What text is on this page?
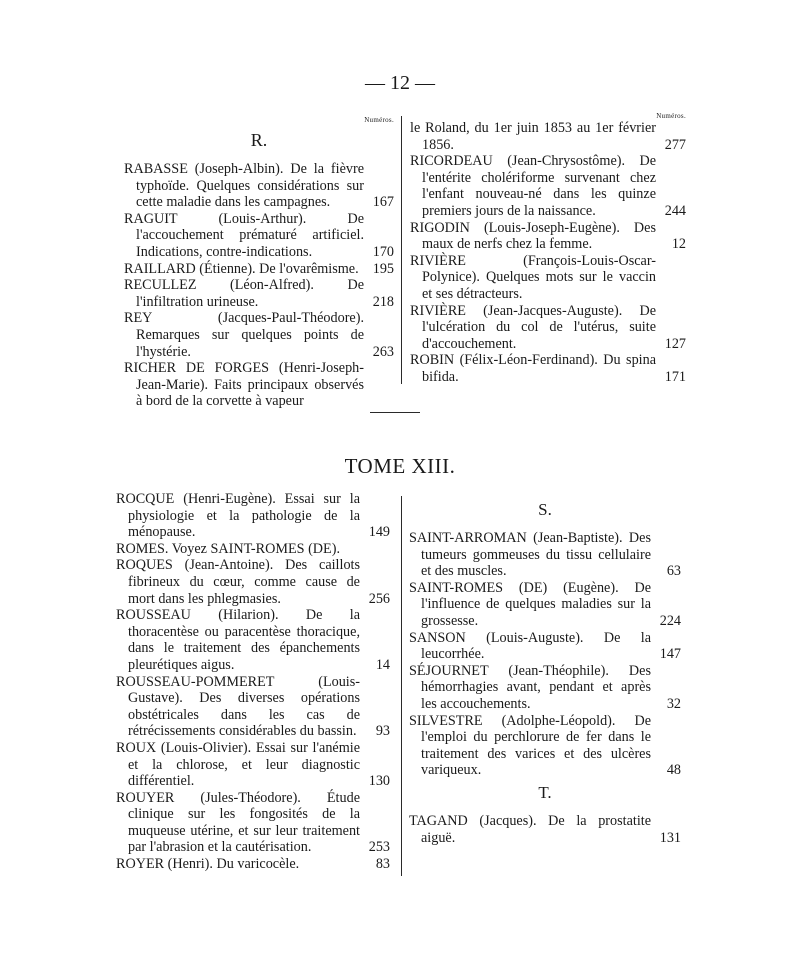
— 12 —
Numéros.
R.
RABASSE (Joseph-Albin). De la fièvre typhoïde. Quelques considérations sur cette maladie dans les campagnes.	167
RAGUIT (Louis-Arthur). De l'accouchement prématuré artificiel. Indications, contre-indications.	170
RAILLARD (Étienne). De l'ovarêmisme. 195
RECULLEZ (Léon-Alfred). De l'infiltration urineuse.	218
REY (Jacques-Paul-Théodore). Remarques sur quelques points de l'hystérie.	263
RICHER DE FORGES (Henri-Joseph-Jean-Marie). Faits principaux observés à bord de la corvette à vapeur
Numéros.
le Roland, du 1er juin 1853 au 1er février 1856.	277
RICORDEAU (Jean-Chrysostôme). De l'entérite cholériforme survenant chez l'enfant nouveau-né dans les quinze premiers jours de la naissance.	244
RIGODIN (Louis-Joseph-Eugène). Des maux de nerfs chez la femme.	12
RIVIÈRE (François-Louis-Oscar-Polynice). Quelques mots sur le vaccin et ses détracteurs.
RIVIÈRE (Jean-Jacques-Auguste). De l'ulcération du col de l'utérus, suite d'accouchement.	127
ROBIN (Félix-Léon-Ferdinand). Du spina bifida.	171
TOME XIII.
ROCQUE (Henri-Eugène). Essai sur la physiologie et la pathologie de la ménopause.	149
ROMES. Voyez SAINT-ROMES (DE).
ROQUES (Jean-Antoine). Des caillots fibrineux du cœur, comme cause de mort dans les phlegmasies.	256
ROUSSEAU (Hilarion). De la thoracentèse ou paracentèse thoracique, dans le traitement des épanchements pleurétiques aigus.	14
ROUSSEAU-POMMERET (Louis-Gustave). Des diverses opérations obstétricales dans les cas de rétrécissements considérables du bassin. 93
ROUX (Louis-Olivier). Essai sur l'anémie et la chlorose, et leur diagnostic différentiel.	130
ROUYER (Jules-Théodore). Étude clinique sur les fongosités de la muqueuse utérine, et sur leur traitement par l'abrasion et la cautérisation.	253
ROYER (Henri). Du varicocèle.	83
S.
SAINT-ARROMAN (Jean-Baptiste). Des tumeurs gommeuses du tissu cellulaire et des muscles.	63
SAINT-ROMES (DE) (Eugène). De l'influence de quelques maladies sur la grossesse.	224
SANSON (Louis-Auguste). De la leucorrhée.	147
SÉJOURNET (Jean-Théophile). Des hémorrhagies avant, pendant et après les accouchements.	32
SILVESTRE (Adolphe-Léopold). De l'emploi du perchlorure de fer dans le traitement des varices et des ulcères variqueux.	48
T.
TAGAND (Jacques). De la prostatite aiguë.	131
